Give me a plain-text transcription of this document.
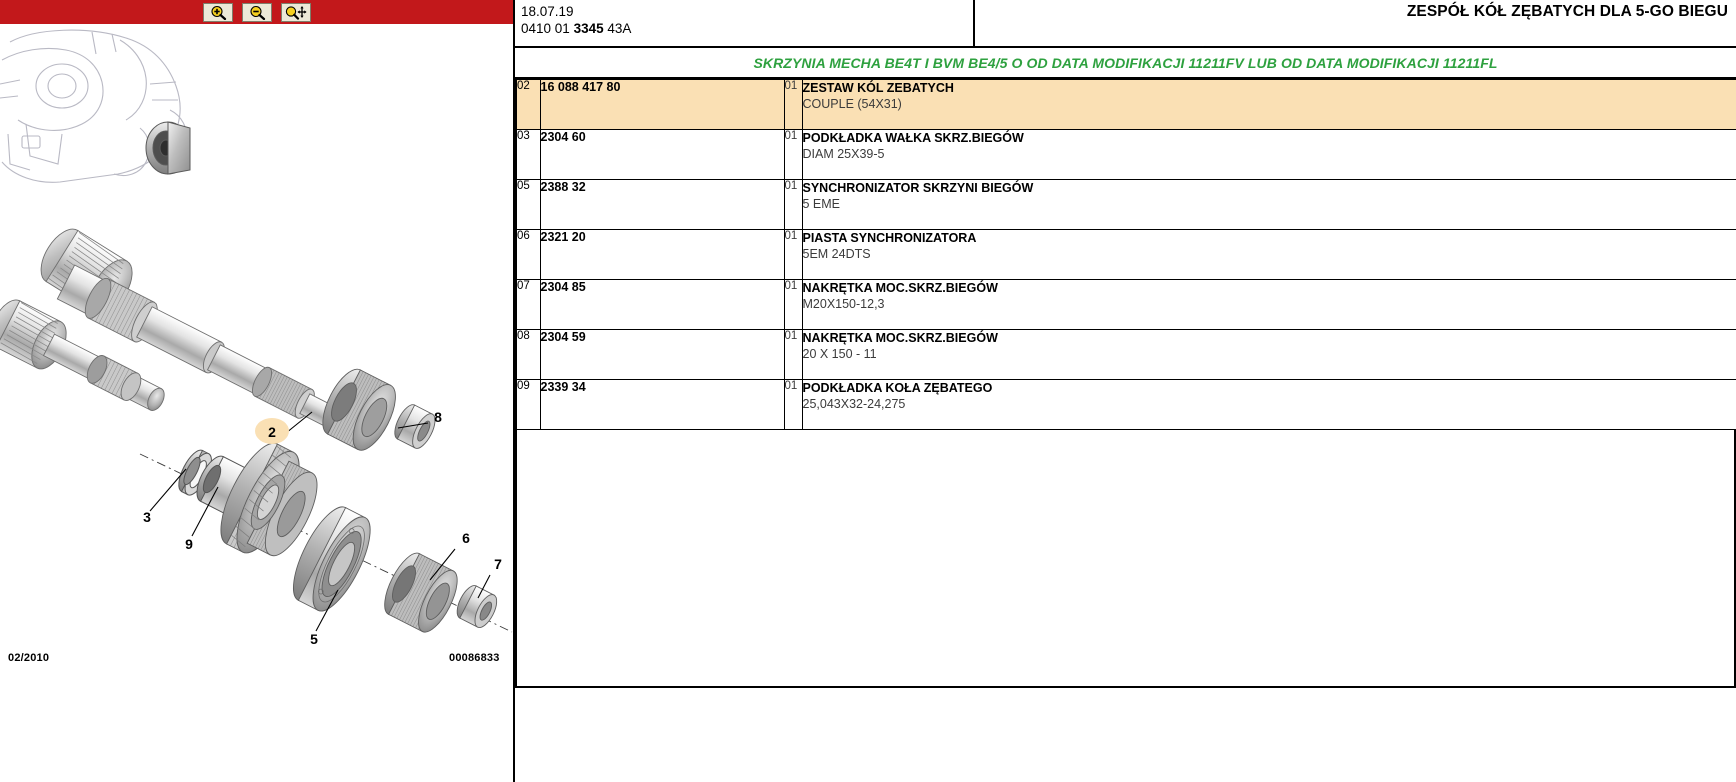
2
3
9
5
6
7
8
02/2010	00086833
18.07.19
0410 01 3345 43A
ZESPÓŁ KÓŁ ZĘBATYCH DLA 5-GO BIEGU
SKRZYNIA MECHA BE4T I BVM BE4/5 O OD DATA MODIFIKACJI 11211FV LUB OD DATA MODIFIKACJI 11211FL
02	16 088 417 80	01	ZESTAW KÓL ZEBATYCH
COUPLE (54X31)

03	2304 60	01	PODKŁADKA WAŁKA SKRZ.BIEGÓW
DIAM 25X39-5

05	2388 32	01	SYNCHRONIZATOR SKRZYNI BIEGÓW
5 EME

06	2321 20	01	PIASTA SYNCHRONIZATORA
5EM 24DTS

07	2304 85	01	NAKRĘTKA MOC.SKRZ.BIEGÓW
M20X150-12,3

08	2304 59	01	NAKRĘTKA MOC.SKRZ.BIEGÓW
20 X 150 - 11

09	2339 34	01	PODKŁADKA KOŁA ZĘBATEGO
25,043X32-24,275
